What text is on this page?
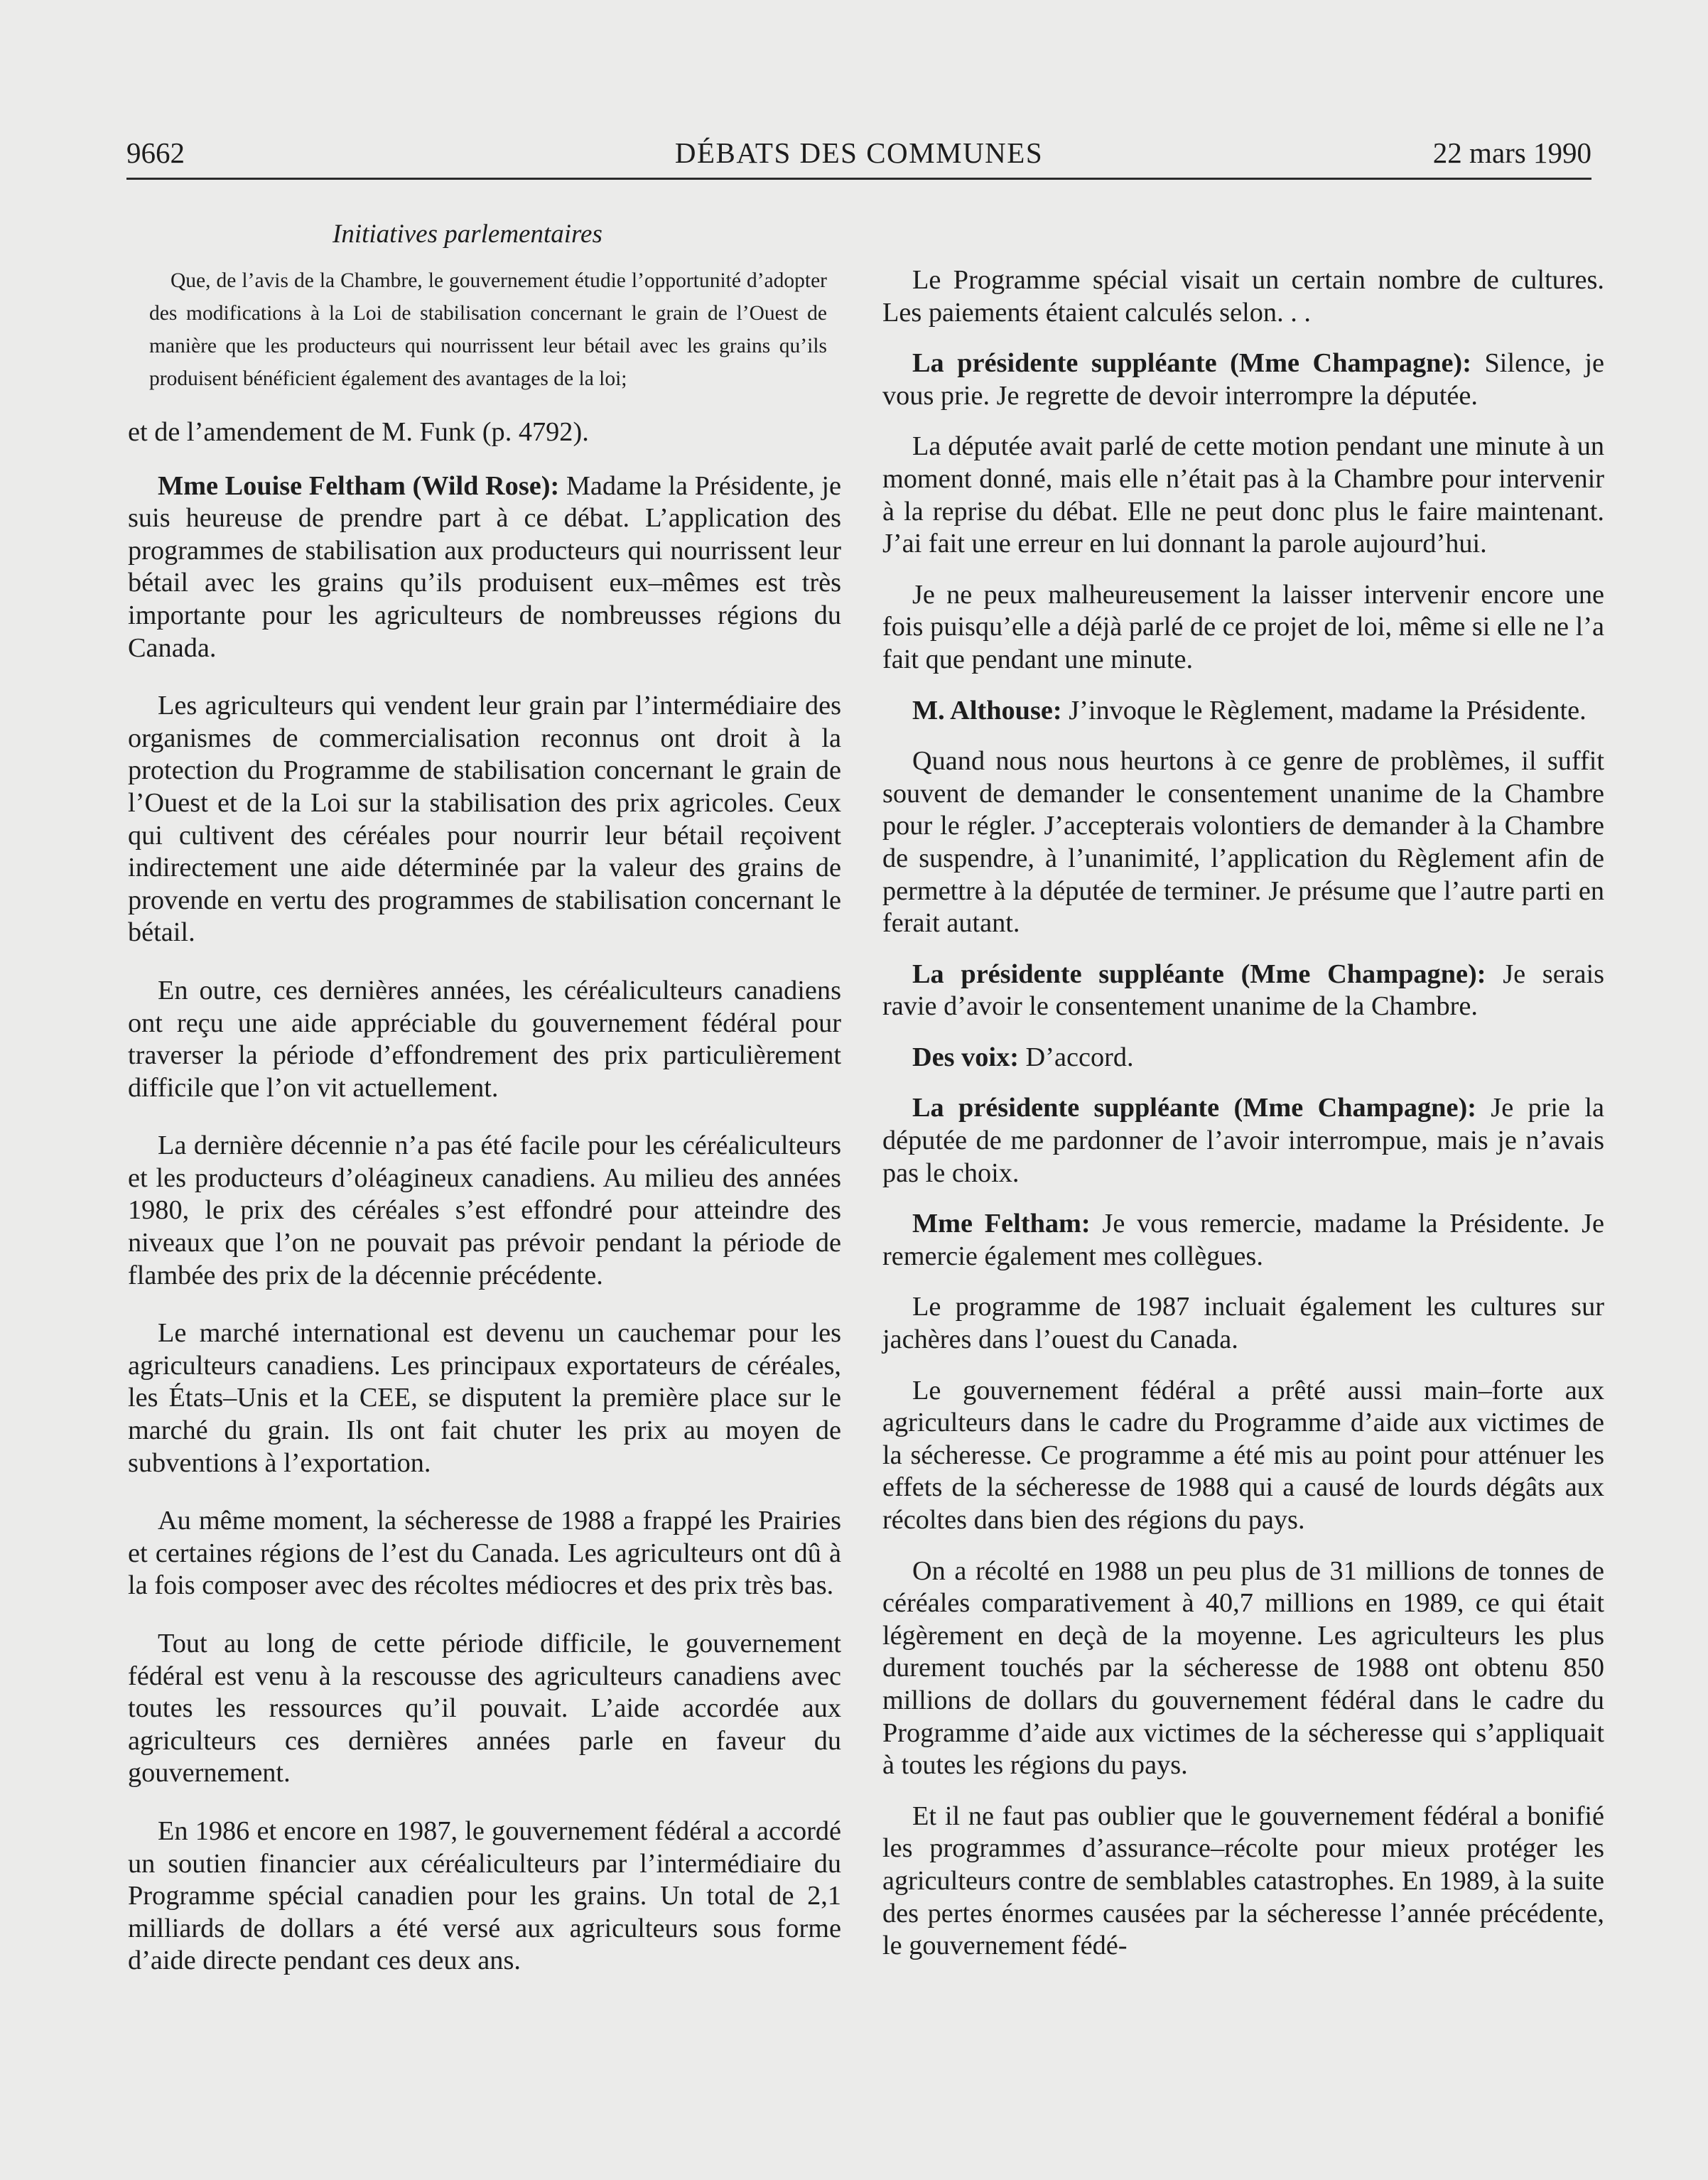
9662	DÉBATS DES COMMUNES	22 mars 1990
Initiatives parlementaires
Que, de l’avis de la Chambre, le gouvernement étudie l’opportunité d’adopter des modifications à la Loi de stabilisation concernant le grain de l’Ouest de manière que les producteurs qui nourrissent leur bétail avec les grains qu’ils produisent bénéficient également des avantages de la loi;

et de l’amendement de M. Funk (p. 4792).

Mme Louise Feltham (Wild Rose): Madame la Présidente, je suis heureuse de prendre part à ce débat. L’application des programmes de stabilisation aux producteurs qui nourrissent leur bétail avec les grains qu’ils produisent eux–mêmes est très importante pour les agriculteurs de nombreusses régions du Canada.

Les agriculteurs qui vendent leur grain par l’intermédiaire des organismes de commercialisation reconnus ont droit à la protection du Programme de stabilisation concernant le grain de l’Ouest et de la Loi sur la stabilisation des prix agricoles. Ceux qui cultivent des céréales pour nourrir leur bétail reçoivent indirectement une aide déterminée par la valeur des grains de provende en vertu des programmes de stabilisation concernant le bétail.

En outre, ces dernières années, les céréaliculteurs canadiens ont reçu une aide appréciable du gouvernement fédéral pour traverser la période d’effondrement des prix particulièrement difficile que l’on vit actuellement.

La dernière décennie n’a pas été facile pour les céréaliculteurs et les producteurs d’oléagineux canadiens. Au milieu des années 1980, le prix des céréales s’est effondré pour atteindre des niveaux que l’on ne pouvait pas prévoir pendant la période de flambée des prix de la décennie précédente.

Le marché international est devenu un cauchemar pour les agriculteurs canadiens. Les principaux exportateurs de céréales, les États–Unis et la CEE, se disputent la première place sur le marché du grain. Ils ont fait chuter les prix au moyen de subventions à l’exportation.

Au même moment, la sécheresse de 1988 a frappé les Prairies et certaines régions de l’est du Canada. Les agriculteurs ont dû à la fois composer avec des récoltes médiocres et des prix très bas.

Tout au long de cette période difficile, le gouvernement fédéral est venu à la rescousse des agriculteurs canadiens avec toutes les ressources qu’il pouvait. L’aide accordée aux agriculteurs ces dernières années parle en faveur du gouvernement.

En 1986 et encore en 1987, le gouvernement fédéral a accordé un soutien financier aux céréaliculteurs par l’intermédiaire du Programme spécial canadien pour les grains. Un total de 2,1 milliards de dollars a été versé aux agriculteurs sous forme d’aide directe pendant ces deux ans.

Le Programme spécial visait un certain nombre de cultures. Les paiements étaient calculés selon. . .

La présidente suppléante (Mme Champagne): Silence, je vous prie. Je regrette de devoir interrompre la députée.

La députée avait parlé de cette motion pendant une minute à un moment donné, mais elle n’était pas à la Chambre pour intervenir à la reprise du débat. Elle ne peut donc plus le faire maintenant. J’ai fait une erreur en lui donnant la parole aujourd’hui.

Je ne peux malheureusement la laisser intervenir encore une fois puisqu’elle a déjà parlé de ce projet de loi, même si elle ne l’a fait que pendant une minute.

M. Althouse: J’invoque le Règlement, madame la Présidente.

Quand nous nous heurtons à ce genre de problèmes, il suffit souvent de demander le consentement unanime de la Chambre pour le régler. J’accepterais volontiers de demander à la Chambre de suspendre, à l’unanimité, l’application du Règlement afin de permettre à la députée de terminer. Je présume que l’autre parti en ferait autant.

La présidente suppléante (Mme Champagne): Je serais ravie d’avoir le consentement unanime de la Chambre.

Des voix: D’accord.

La présidente suppléante (Mme Champagne): Je prie la députée de me pardonner de l’avoir interrompue, mais je n’avais pas le choix.

Mme Feltham: Je vous remercie, madame la Présidente. Je remercie également mes collègues.

Le programme de 1987 incluait également les cultures sur jachères dans l’ouest du Canada.

Le gouvernement fédéral a prêté aussi main–forte aux agriculteurs dans le cadre du Programme d’aide aux victimes de la sécheresse. Ce programme a été mis au point pour atténuer les effets de la sécheresse de 1988 qui a causé de lourds dégâts aux récoltes dans bien des régions du pays.

On a récolté en 1988 un peu plus de 31 millions de tonnes de céréales comparativement à 40,7 millions en 1989, ce qui était légèrement en deçà de la moyenne. Les agriculteurs les plus durement touchés par la sécheresse de 1988 ont obtenu 850 millions de dollars du gouvernement fédéral dans le cadre du Programme d’aide aux victimes de la sécheresse qui s’appliquait à toutes les régions du pays.

Et il ne faut pas oublier que le gouvernement fédéral a bonifié les programmes d’assurance–récolte pour mieux protéger les agriculteurs contre de semblables catastrophes. En 1989, à la suite des pertes énormes causées par la sécheresse l’année précédente, le gouvernement fédé-
